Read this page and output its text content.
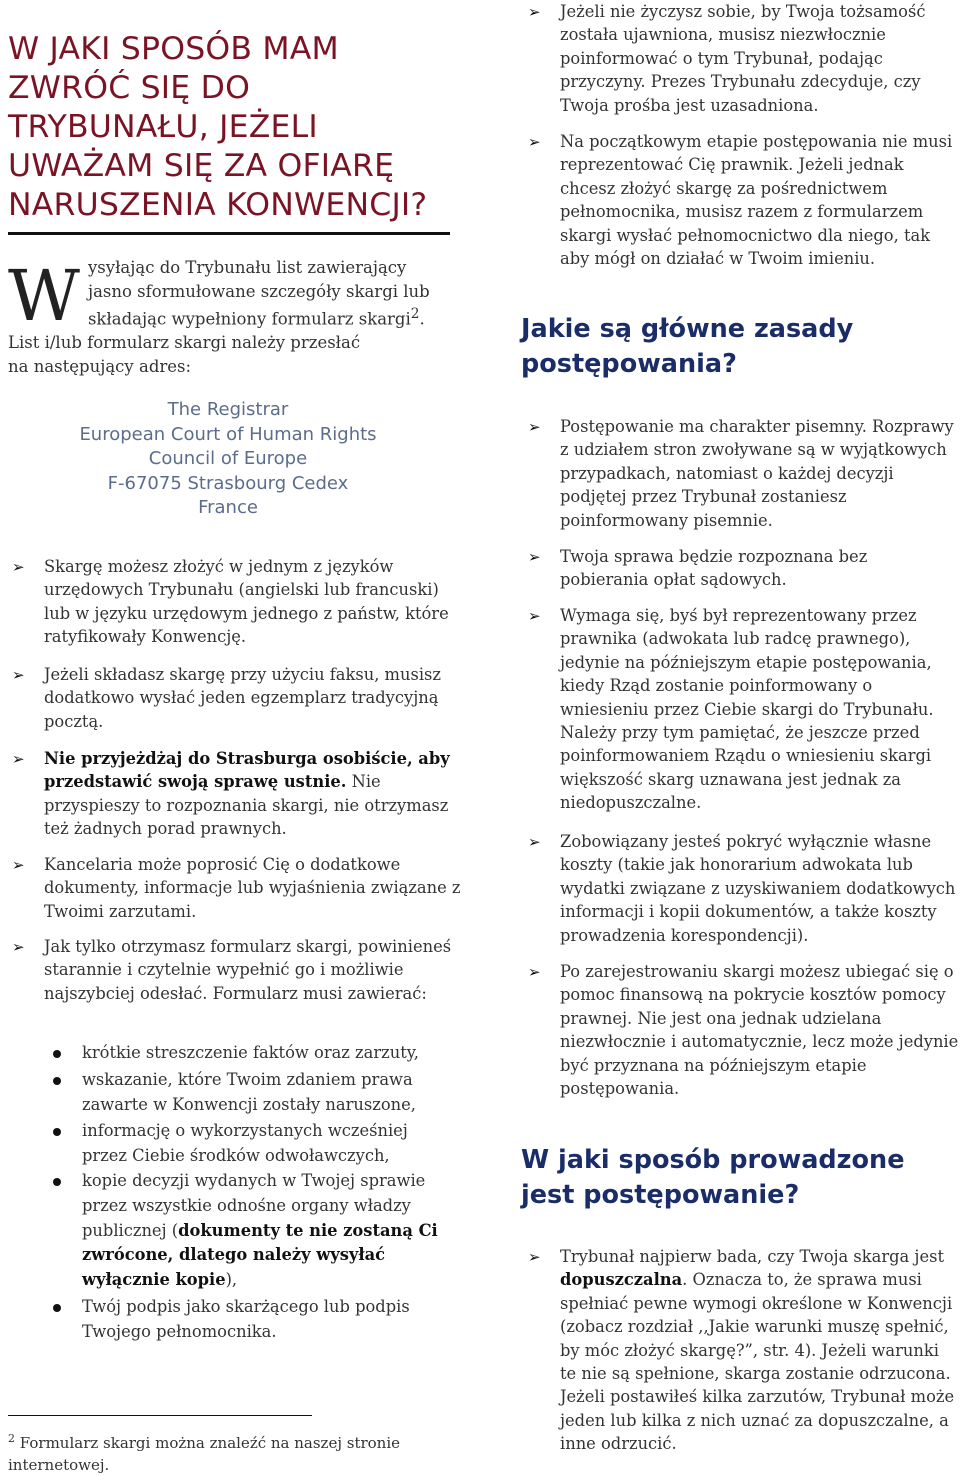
W JAKI SPOSÓB MAM ZWRÓĆ SIĘ DO TRYBUNAŁU, JEŻELI UWAŻAM SIĘ ZA OFIARĘ NARUSZENIA KONWENCJI?
W ysyłając do Trybunału list zawierający
jasno sformułowane szczegóły skargi lub
składając wypełniony formularz skargi$^2$.
List i/lub formularz skargi należy przesłać
na następujący adres:
The Registrar
European Court of Human Rights
Council of Europe
F-67075 Strasbourg Cedex
France
➢ Skargę możesz złożyć w jednym z języków urzędowych Trybunału (angielski lub francuski) lub w języku urzędowym jednego z państw, które ratyfikowały Konwencję.
➢ Jeżeli składasz skargę przy użyciu faksu, musisz dodatkowo wysłać jeden egzemplarz tradycyjną pocztą.
➢ Nie przyjeżdżaj do Strasburga osobiście, aby przedstawić swoją sprawę ustnie. Nie przyspieszy to rozpoznania skargi, nie otrzymasz też żadnych porad prawnych.
➢ Kancelaria może poprosić Cię o dodatkowe dokumenty, informacje lub wyjaśnienia związane z Twoimi zarzutami.
➢ Jak tylko otrzymasz formularz skargi, powinieneś starannie i czytelnie wypełnić go i możliwie najszybciej odesłać. Formularz musi zawierać:
krótkie streszczenie faktów oraz zarzuty,
wskazanie, które Twoim zdaniem prawa zawarte w Konwencji zostały naruszone,
informację o wykorzystanych wcześniej przez Ciebie środków odwoławczych,
kopie decyzji wydanych w Twojej sprawie przez wszystkie odnośne organy władzy publicznej (dokumenty te nie zostaną Ci zwrócone, dlatego należy wysyłać wyłącznie kopie),
Twój podpis jako skarżącego lub podpis Twojego pełnomocnika.
$^2$ Formularz skargi można znaleźć na naszej stronie internetowej.
➢ Jeżeli nie życzysz sobie, by Twoja tożsamość została ujawniona, musisz niezwłocznie poinformować o tym Trybunał, podając przyczyny. Prezes Trybunału zdecyduje, czy Twoja prośba jest uzasadniona.
➢ Na początkowym etapie postępowania nie musi reprezentować Cię prawnik. Jeżeli jednak chcesz złożyć skargę za pośrednictwem pełnomocnika, musisz razem z formularzem skargi wysłać pełnomocnictwo dla niego, tak aby mógł on działać w Twoim imieniu.
Jakie są główne zasady postępowania?
➢ Postępowanie ma charakter pisemny. Rozprawy z udziałem stron zwoływane są w wyjątkowych przypadkach, natomiast o każdej decyzji podjętej przez Trybunał zostaniesz poinformowany pisemnie.
➢ Twoja sprawa będzie rozpoznana bez pobierania opłat sądowych.
➢ Wymaga się, byś był reprezentowany przez prawnika (adwokata lub radcę prawnego), jedynie na późniejszym etapie postępowania, kiedy Rząd zostanie poinformowany o wniesieniu przez Ciebie skargi do Trybunału. Należy przy tym pamiętać, że jeszcze przed poinformowaniem Rządu o wniesieniu skargi większość skarg uznawana jest jednak za niedopuszczalne.
➢ Zobowiązany jesteś pokryć wyłącznie własne koszty (takie jak honorarium adwokata lub wydatki związane z uzyskiwaniem dodatkowych informacji i kopii dokumentów, a także koszty prowadzenia korespondencji).
➢ Po zarejestrowaniu skargi możesz ubiegać się o pomoc finansową na pokrycie kosztów pomocy prawnej. Nie jest ona jednak udzielana niezwłocznie i automatycznie, lecz może jedynie być przyznana na późniejszym etapie postępowania.
W jaki sposób prowadzone jest postępowanie?
➢ Trybunał najpierw bada, czy Twoja skarga jest dopuszczalna. Oznacza to, że sprawa musi spełniać pewne wymogi określone w Konwencji (zobacz rozdział ,,Jakie warunki muszę spełnić, by móc złożyć skargę?”, str. 4). Jeżeli warunki te nie są spełnione, skarga zostanie odrzucona. Jeżeli postawiłeś kilka zarzutów, Trybunał może jeden lub kilka z nich uznać za dopuszczalne, a inne odrzucić.
